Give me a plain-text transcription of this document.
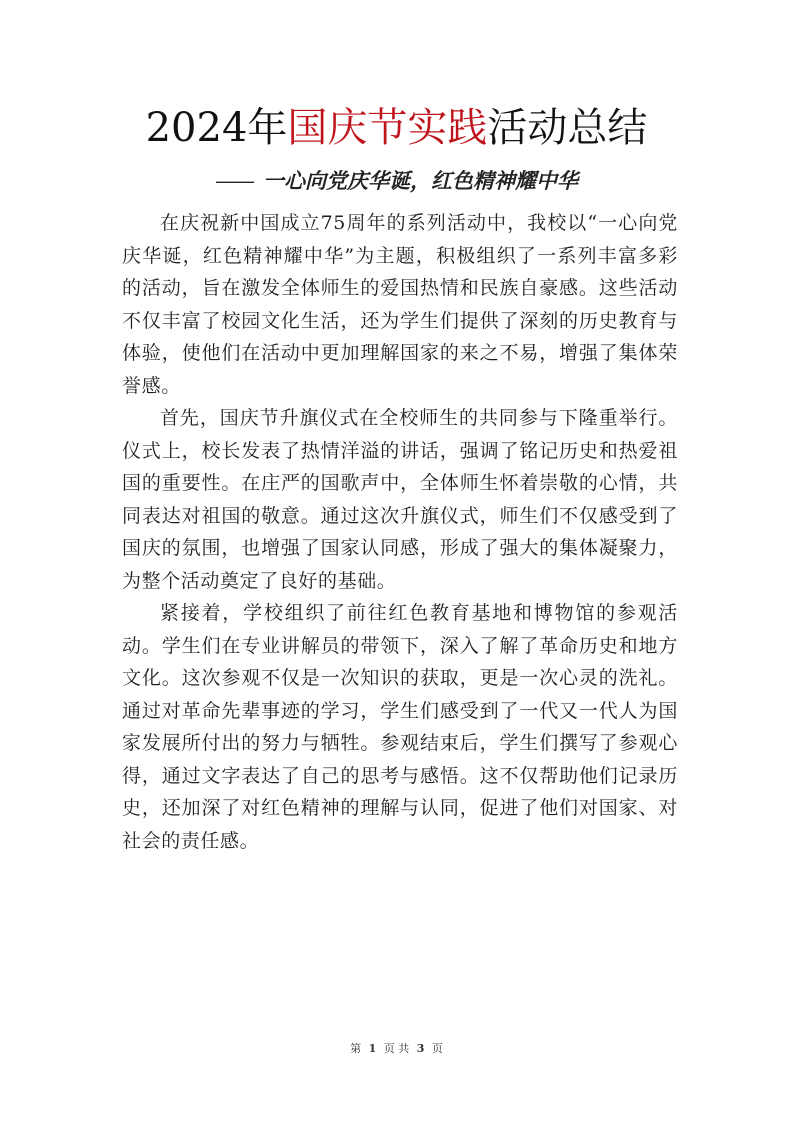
2024年国庆节实践活动总结
—— 一心向党庆华诞，红色精神耀中华

在庆祝新中国成立75周年的系列活动中，我校以“一心向党庆华诞，红色精神耀中华”为主题，积极组织了一系列丰富多彩的活动，旨在激发全体师生的爱国热情和民族自豪感。这些活动不仅丰富了校园文化生活，还为学生们提供了深刻的历史教育与体验，使他们在活动中更加理解国家的来之不易，增强了集体荣誉感。

首先，国庆节升旗仪式在全校师生的共同参与下隆重举行。仪式上，校长发表了热情洋溢的讲话，强调了铭记历史和热爱祖国的重要性。在庄严的国歌声中，全体师生怀着崇敬的心情，共同表达对祖国的敬意。通过这次升旗仪式，师生们不仅感受到了国庆的氛围，也增强了国家认同感，形成了强大的集体凝聚力，为整个活动奠定了良好的基础。

紧接着，学校组织了前往红色教育基地和博物馆的参观活动。学生们在专业讲解员的带领下，深入了解了革命历史和地方文化。这次参观不仅是一次知识的获取，更是一次心灵的洗礼。通过对革命先辈事迹的学习，学生们感受到了一代又一代人为国家发展所付出的努力与牺牲。参观结束后，学生们撰写了参观心得，通过文字表达了自己的思考与感悟。这不仅帮助他们记录历史，还加深了对红色精神的理解与认同，促进了他们对国家、对社会的责任感。

第 1 页 共 3 页
